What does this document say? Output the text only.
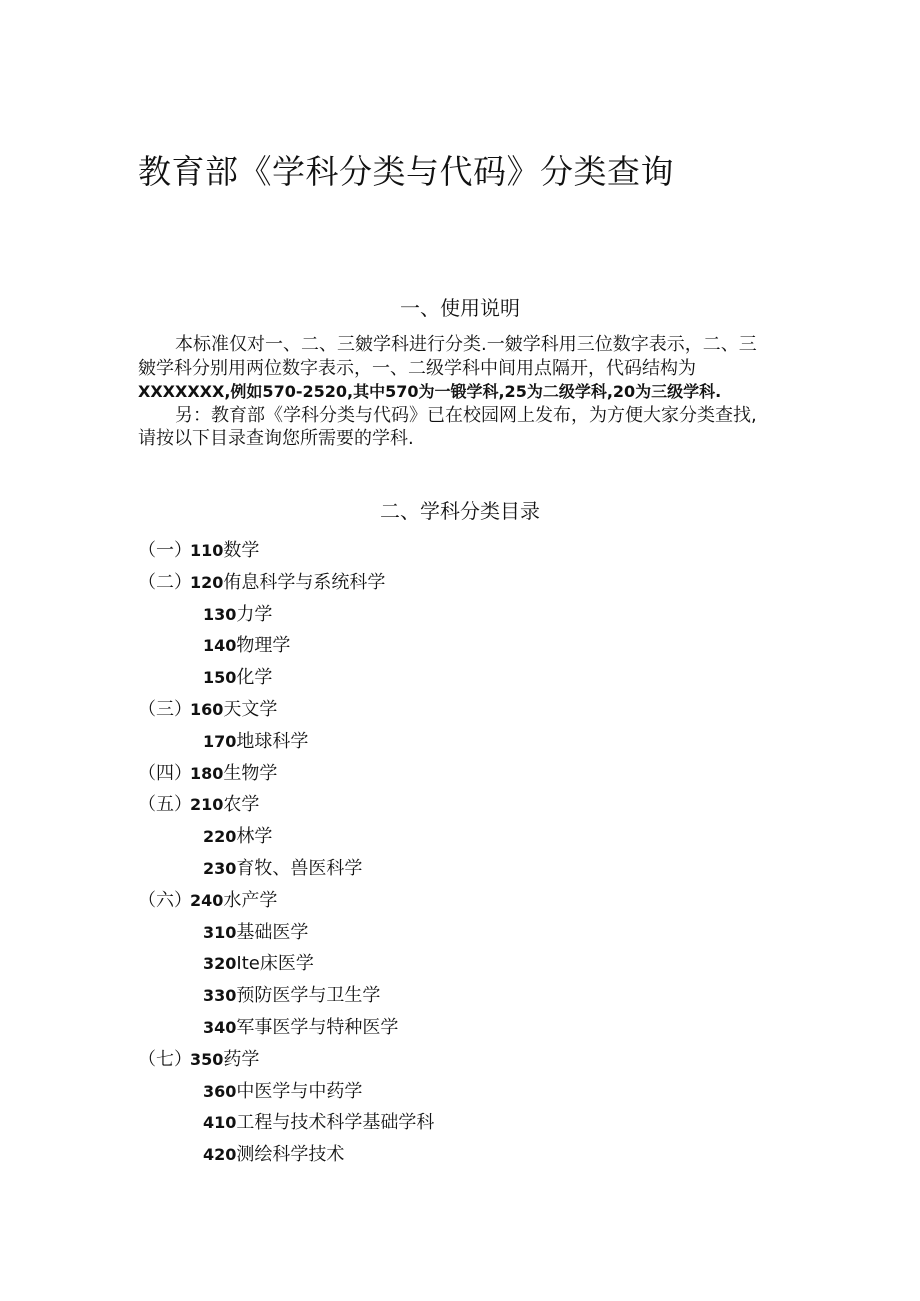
教育部《学科分类与代码》分类查询
一、使用说明
本标准仅对一、二、三皴学科进行分类.一皴学科用三位数字表示，二、三
皴学科分别用两位数字表示，一、二级学科中间用点隔开，代码结构为
XXXXXXX,例如570-2520,其中570为一锻学科,25为二级学科,20为三级学科.
另：教育部《学科分类与代码》已在校园网上发布，为方便大家分类查找,
请按以下目录查询您所需要的学科.
二、学科分类目录
（一）110数学
（二）120侑息科学与系统科学
130力学
140物理学
150化学
（三）160天文学
170地球科学
（四）180生物学
（五）210农学
220林学
230育牧、兽医科学
（六）240水产学
310基础医学
320Ite床医学
330预防医学与卫生学
340军事医学与特种医学
（七）350药学
360中医学与中药学
410工程与技术科学基础学科
420测绘科学技术
